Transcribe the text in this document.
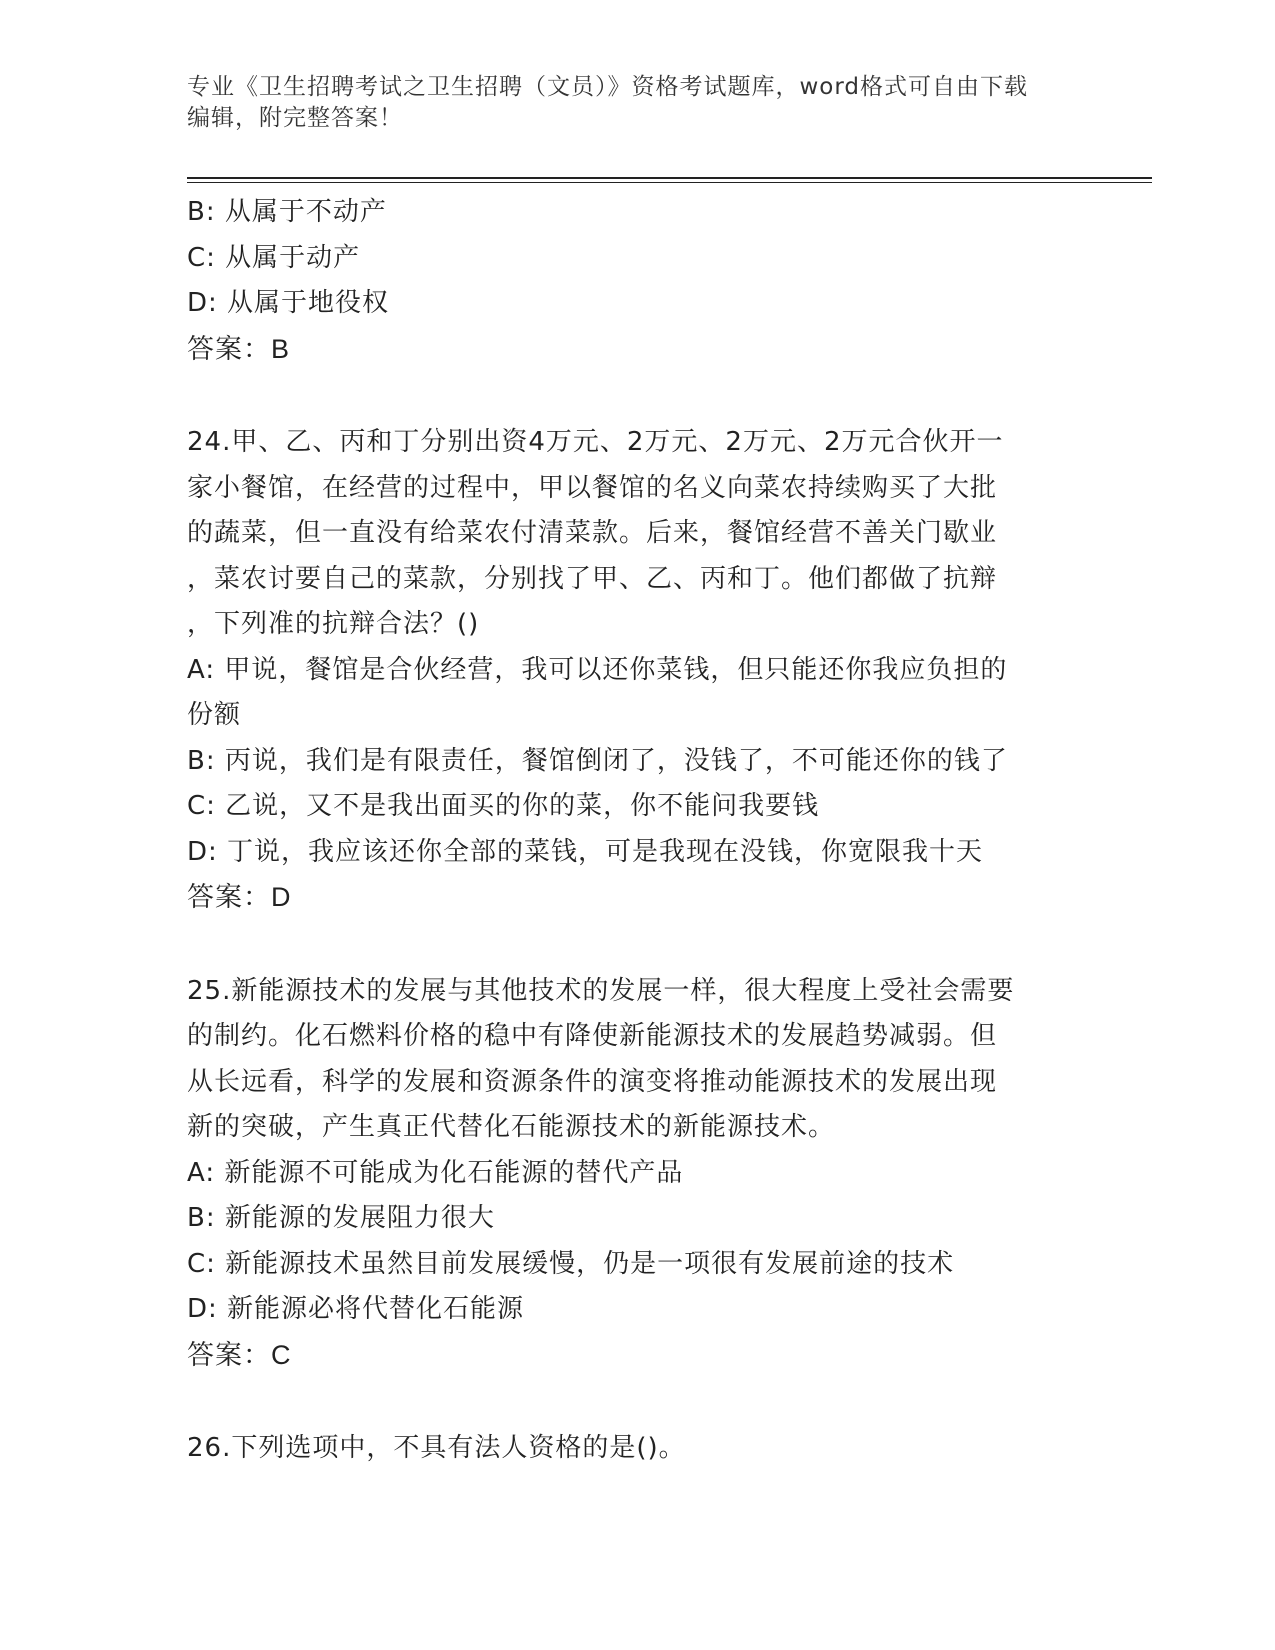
专业《卫生招聘考试之卫生招聘（文员）》资格考试题库，word格式可自由下载

编辑，附完整答案！

B: 从属于不动产

C: 从属于动产

D: 从属于地役权

答案：B

24.甲、乙、丙和丁分别出资4万元、2万元、2万元、2万元合伙开一

家小餐馆，在经营的过程中，甲以餐馆的名义向菜农持续购买了大批

的蔬菜，但一直没有给菜农付清菜款。后来，餐馆经营不善关门歇业

，菜农讨要自己的菜款，分别找了甲、乙、丙和丁。他们都做了抗辩

，下列准的抗辩合法？()

A: 甲说，餐馆是合伙经营，我可以还你菜钱，但只能还你我应负担的

份额

B: 丙说，我们是有限责任，餐馆倒闭了，没钱了，不可能还你的钱了

C: 乙说，又不是我出面买的你的菜，你不能问我要钱

D: 丁说，我应该还你全部的菜钱，可是我现在没钱，你宽限我十天

答案：D

25.新能源技术的发展与其他技术的发展一样，很大程度上受社会需要

的制约。化石燃料价格的稳中有降使新能源技术的发展趋势减弱。但

从长远看，科学的发展和资源条件的演变将推动能源技术的发展出现

新的突破，产生真正代替化石能源技术的新能源技术。

A: 新能源不可能成为化石能源的替代产品

B: 新能源的发展阻力很大

C: 新能源技术虽然目前发展缓慢，仍是一项很有发展前途的技术

D: 新能源必将代替化石能源

答案：C

26.下列选项中，不具有法人资格的是()。
